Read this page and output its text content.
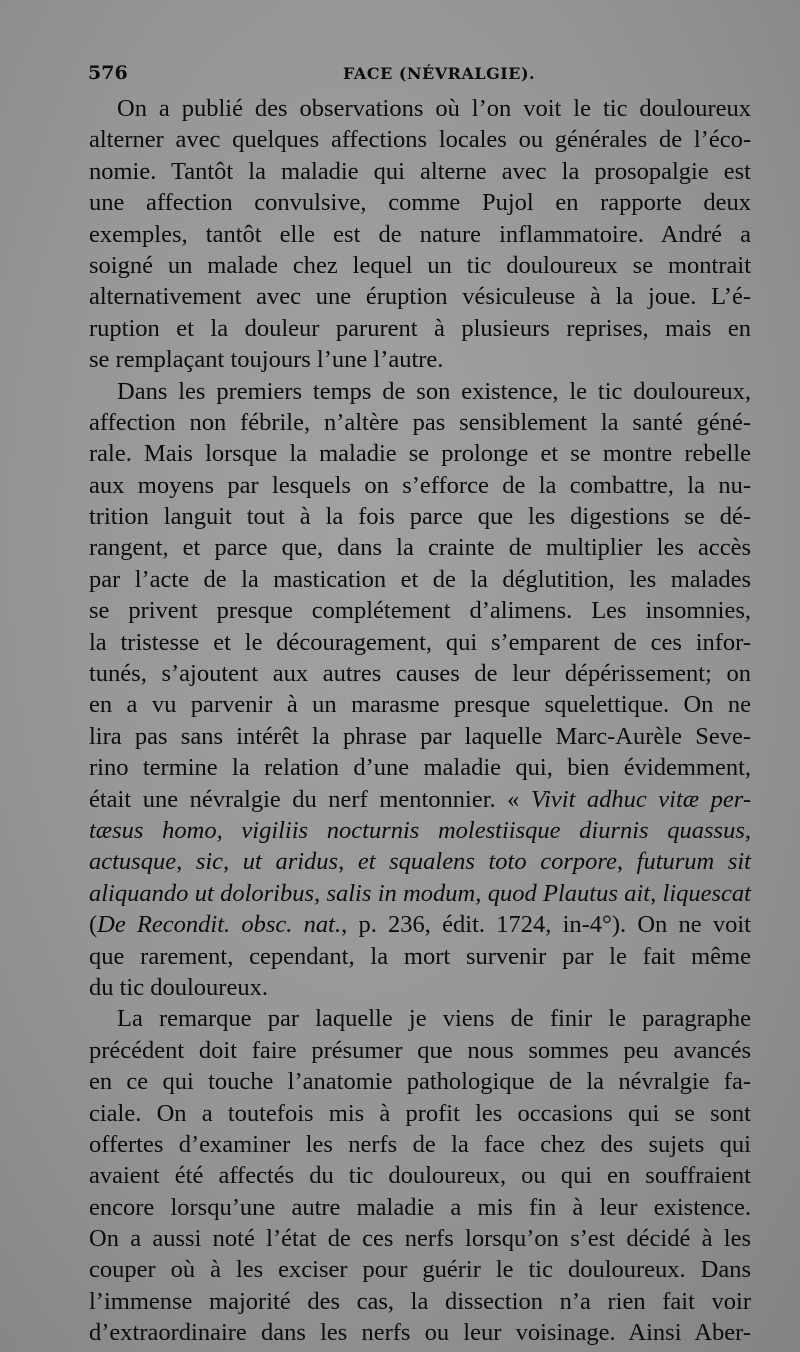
576	FACE (NÉVRALGIE).

On a publié des observations où l’on voit le tic douloureux
alterner avec quelques affections locales ou générales de l’éco-
nomie. Tantôt la maladie qui alterne avec la prosopalgie est
une affection convulsive, comme Pujol en rapporte deux
exemples, tantôt elle est de nature inflammatoire. André a
soigné un malade chez lequel un tic douloureux se montrait
alternativement avec une éruption vésiculeuse à la joue. L’é-
ruption et la douleur parurent à plusieurs reprises, mais en
se remplaçant toujours l’une l’autre.

Dans les premiers temps de son existence, le tic douloureux,
affection non fébrile, n’altère pas sensiblement la santé géné-
rale. Mais lorsque la maladie se prolonge et se montre rebelle
aux moyens par lesquels on s’efforce de la combattre, la nu-
trition languit tout à la fois parce que les digestions se dé-
rangent, et parce que, dans la crainte de multiplier les accès
par l’acte de la mastication et de la déglutition, les malades
se privent presque complétement d’alimens. Les insomnies,
la tristesse et le découragement, qui s’emparent de ces infor-
tunés, s’ajoutent aux autres causes de leur dépérissement; on
en a vu parvenir à un marasme presque squelettique. On ne
lira pas sans intérêt la phrase par laquelle Marc-Aurèle Seve-
rino termine la relation d’une maladie qui, bien évidemment,
était une névralgie du nerf mentonnier. « Vivit adhuc vitæ per-
tæsus homo, vigiliis nocturnis molestiisque diurnis quassus,
actusque, sic, ut aridus, et squalens toto corpore, futurum sit
aliquando ut doloribus, salis in modum, quod Plautus ait, liquescat
(De Recondit. obsc. nat., p. 236, édit. 1724, in-4°). On ne voit
que rarement, cependant, la mort survenir par le fait même
du tic douloureux.

La remarque par laquelle je viens de finir le paragraphe
précédent doit faire présumer que nous sommes peu avancés
en ce qui touche l’anatomie pathologique de la névralgie fa-
ciale. On a toutefois mis à profit les occasions qui se sont
offertes d’examiner les nerfs de la face chez des sujets qui
avaient été affectés du tic douloureux, ou qui en souffraient
encore lorsqu’une autre maladie a mis fin à leur existence.
On a aussi noté l’état de ces nerfs lorsqu’on s’est décidé à les
couper où à les exciser pour guérir le tic douloureux. Dans
l’immense majorité des cas, la dissection n’a rien fait voir
d’extraordinaire dans les nerfs ou leur voisinage. Ainsi Aber-
